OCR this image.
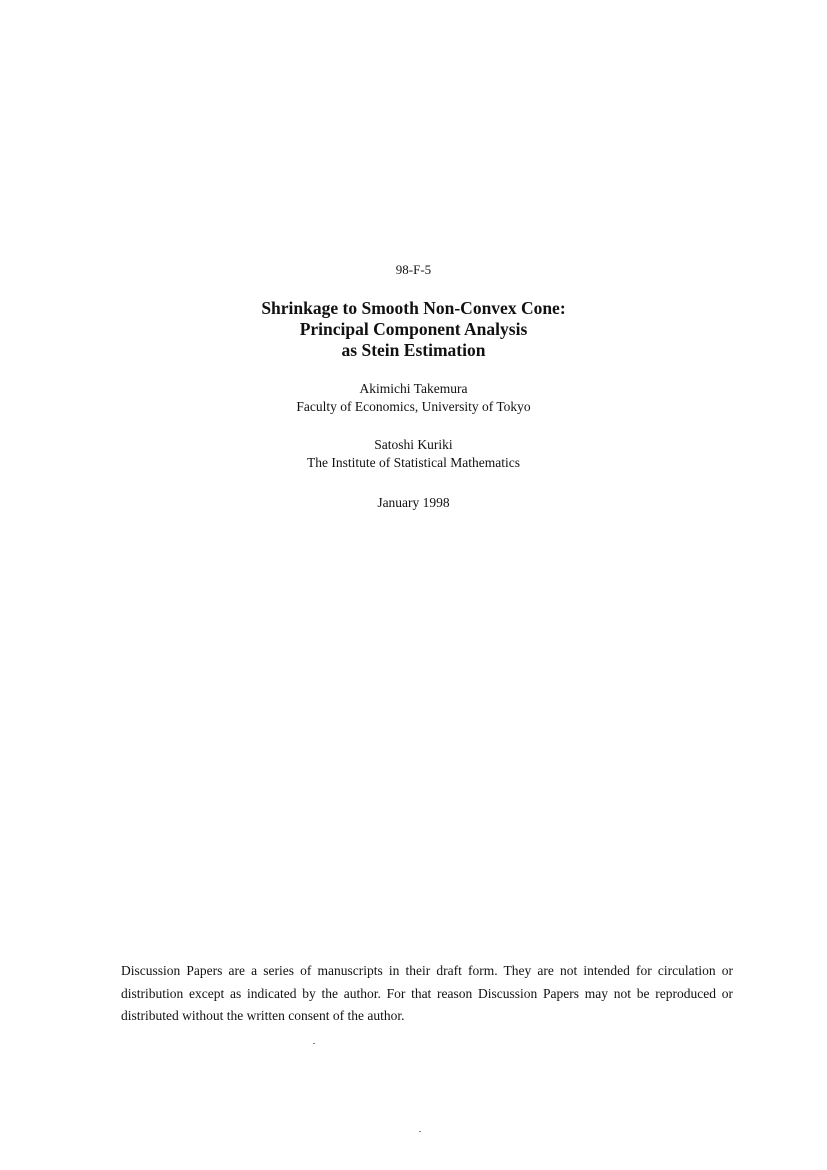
98-F-5
Shrinkage to Smooth Non-Convex Cone:
Principal Component Analysis
as Stein Estimation
Akimichi Takemura
Faculty of Economics, University of Tokyo
Satoshi Kuriki
The Institute of Statistical Mathematics
January 1998
Discussion Papers are a series of manuscripts in their draft form. They are not intended for circulation or distribution except as indicated by the author. For that reason Discussion Papers may not be reproduced or distributed without the written consent of the author.
